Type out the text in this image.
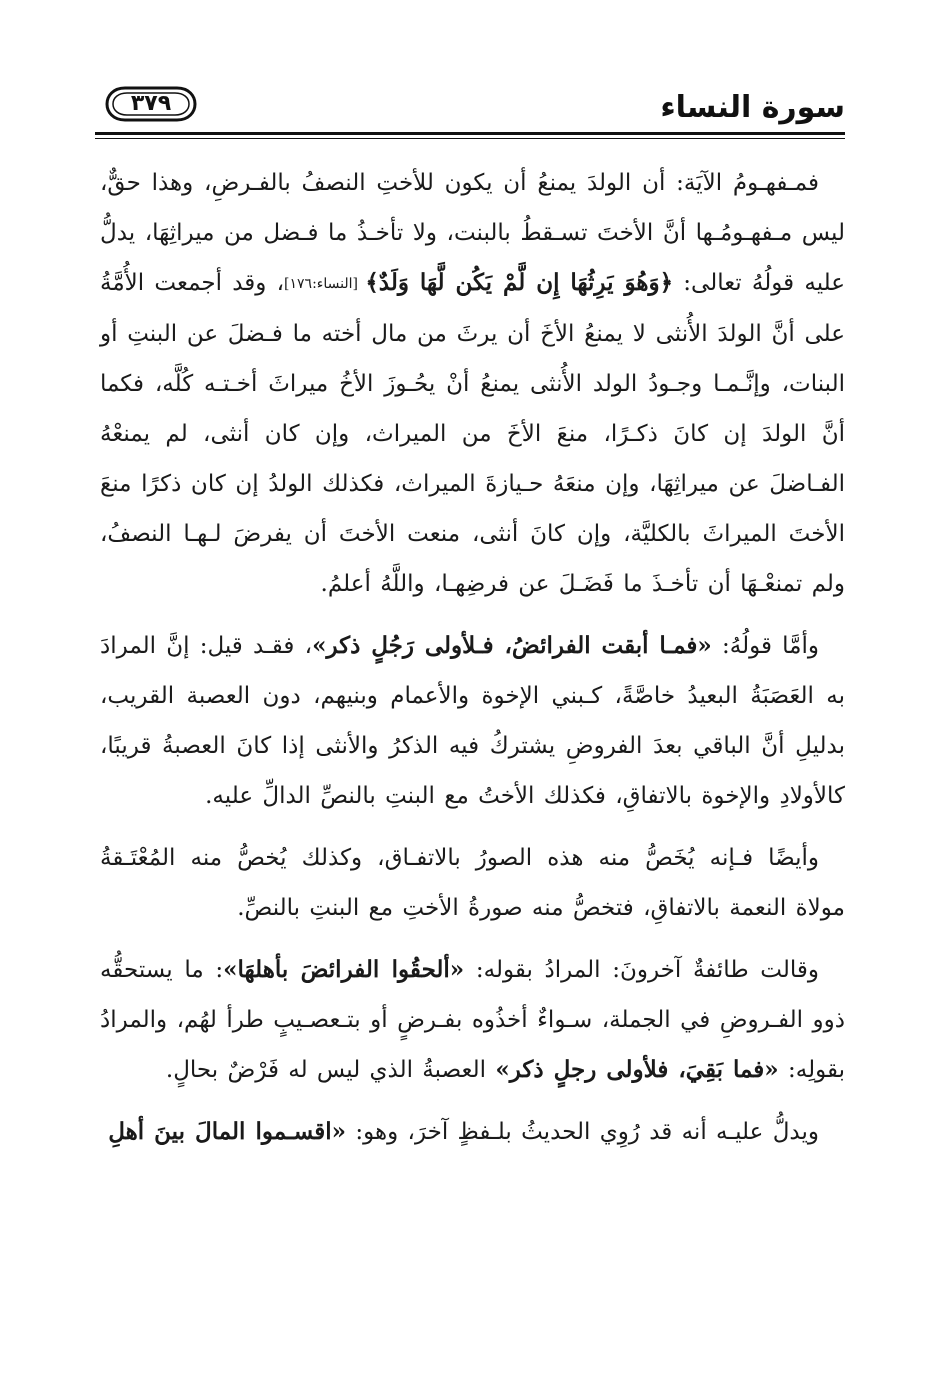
سورة النساء
٣٧٩

فمـفهـومُ الآيَة: أن الولدَ يمنعُ أن يكون للأختِ النصفُ بالفـرضِ، وهذا حقٌّ، ليس مـفهـومُـها أنَّ الأختَ تسـقطُ بالبنت، ولا تأخـذُ ما فـضل من ميراثِهَا، يدلُّ عليه قولُهُ تعالى: ﴿وَهُوَ يَرِثُهَا إِن لَّمْ يَكُن لَّهَا وَلَدٌ﴾ [النساء:١٧٦]، وقد أجمعت الأُمَّةُ على أنَّ الولدَ الأُنثى لا يمنعُ الأخَ أن يرثَ من مال أخته ما فـضلَ عن البنتِ أو البنات، وإنَّـمـا وجـودُ الولد الأُنثى يمنعُ أنْ يحُـوزَ الأخُ ميراثَ أخـتـه كُلَّه، فكما أنَّ الولدَ إن كانَ ذكـرًا، منعَ الأخَ من الميراث، وإن كان أنثى، لم يمنعْهُ الفـاضلَ عن ميراثِهَا، وإن منعَهُ حـيازةَ الميراث، فكذلك الولدُ إن كان ذكرًا منعَ الأختَ الميراثَ بالكليَّة، وإن كانَ أنثى، منعت الأختَ أن يفرضَ لـهـا النصفُ، ولم تمنعْـهَا أن تأخـذَ ما فَضَـلَ عن فرضِهـا، واللَّهُ أعلمُ.

وأمَّا قولُهُ: «فمـا أبقت الفرائضُ، فـلأولى رَجُلٍ ذكر»، فقـد قيل: إنَّ المرادَ به العَصَبَةُ البعيدُ خاصَّةً، كـبني الإخوة والأعمام وبنيهم، دون العصبة القريب، بدليلِ أنَّ الباقي بعدَ الفروضِ يشتركُ فيه الذكرُ والأنثى إذا كانَ العصبةُ قريبًا، كالأولادِ والإخوة بالاتفاقِ، فكذلك الأختُ مع البنتِ بالنصِّ الدالِّ عليه.

وأيضًا فـإنه يُخَصُّ منه هذه الصورُ بالاتفـاق، وكذلك يُخصُّ منه المُعْتَـقةُ مولاة النعمة بالاتفاقِ، فتخصُّ منه صورةُ الأختِ مع البنتِ بالنصِّ.

وقالت طائفةٌ آخرونَ: المرادُ بقوله: «ألحقُوا الفرائضَ بأهلهَا»: ما يستحقُّه ذوو الفـروضِ في الجملة، سـواءٌ أخذُوه بفـرضٍ أو بتـعصـيبٍ طرأ لهُم، والمرادُ بقولِه: «فما بَقِيَ، فلأولى رجلٍ ذكر» العصبةُ الذي ليس له فَرْضٌ بحالٍ.

ويدلُّ عليـه أنه قد رُوِي الحديثُ بلـفظٍ آخرَ، وهو: «اقسـموا المالَ بينَ أهلِ
